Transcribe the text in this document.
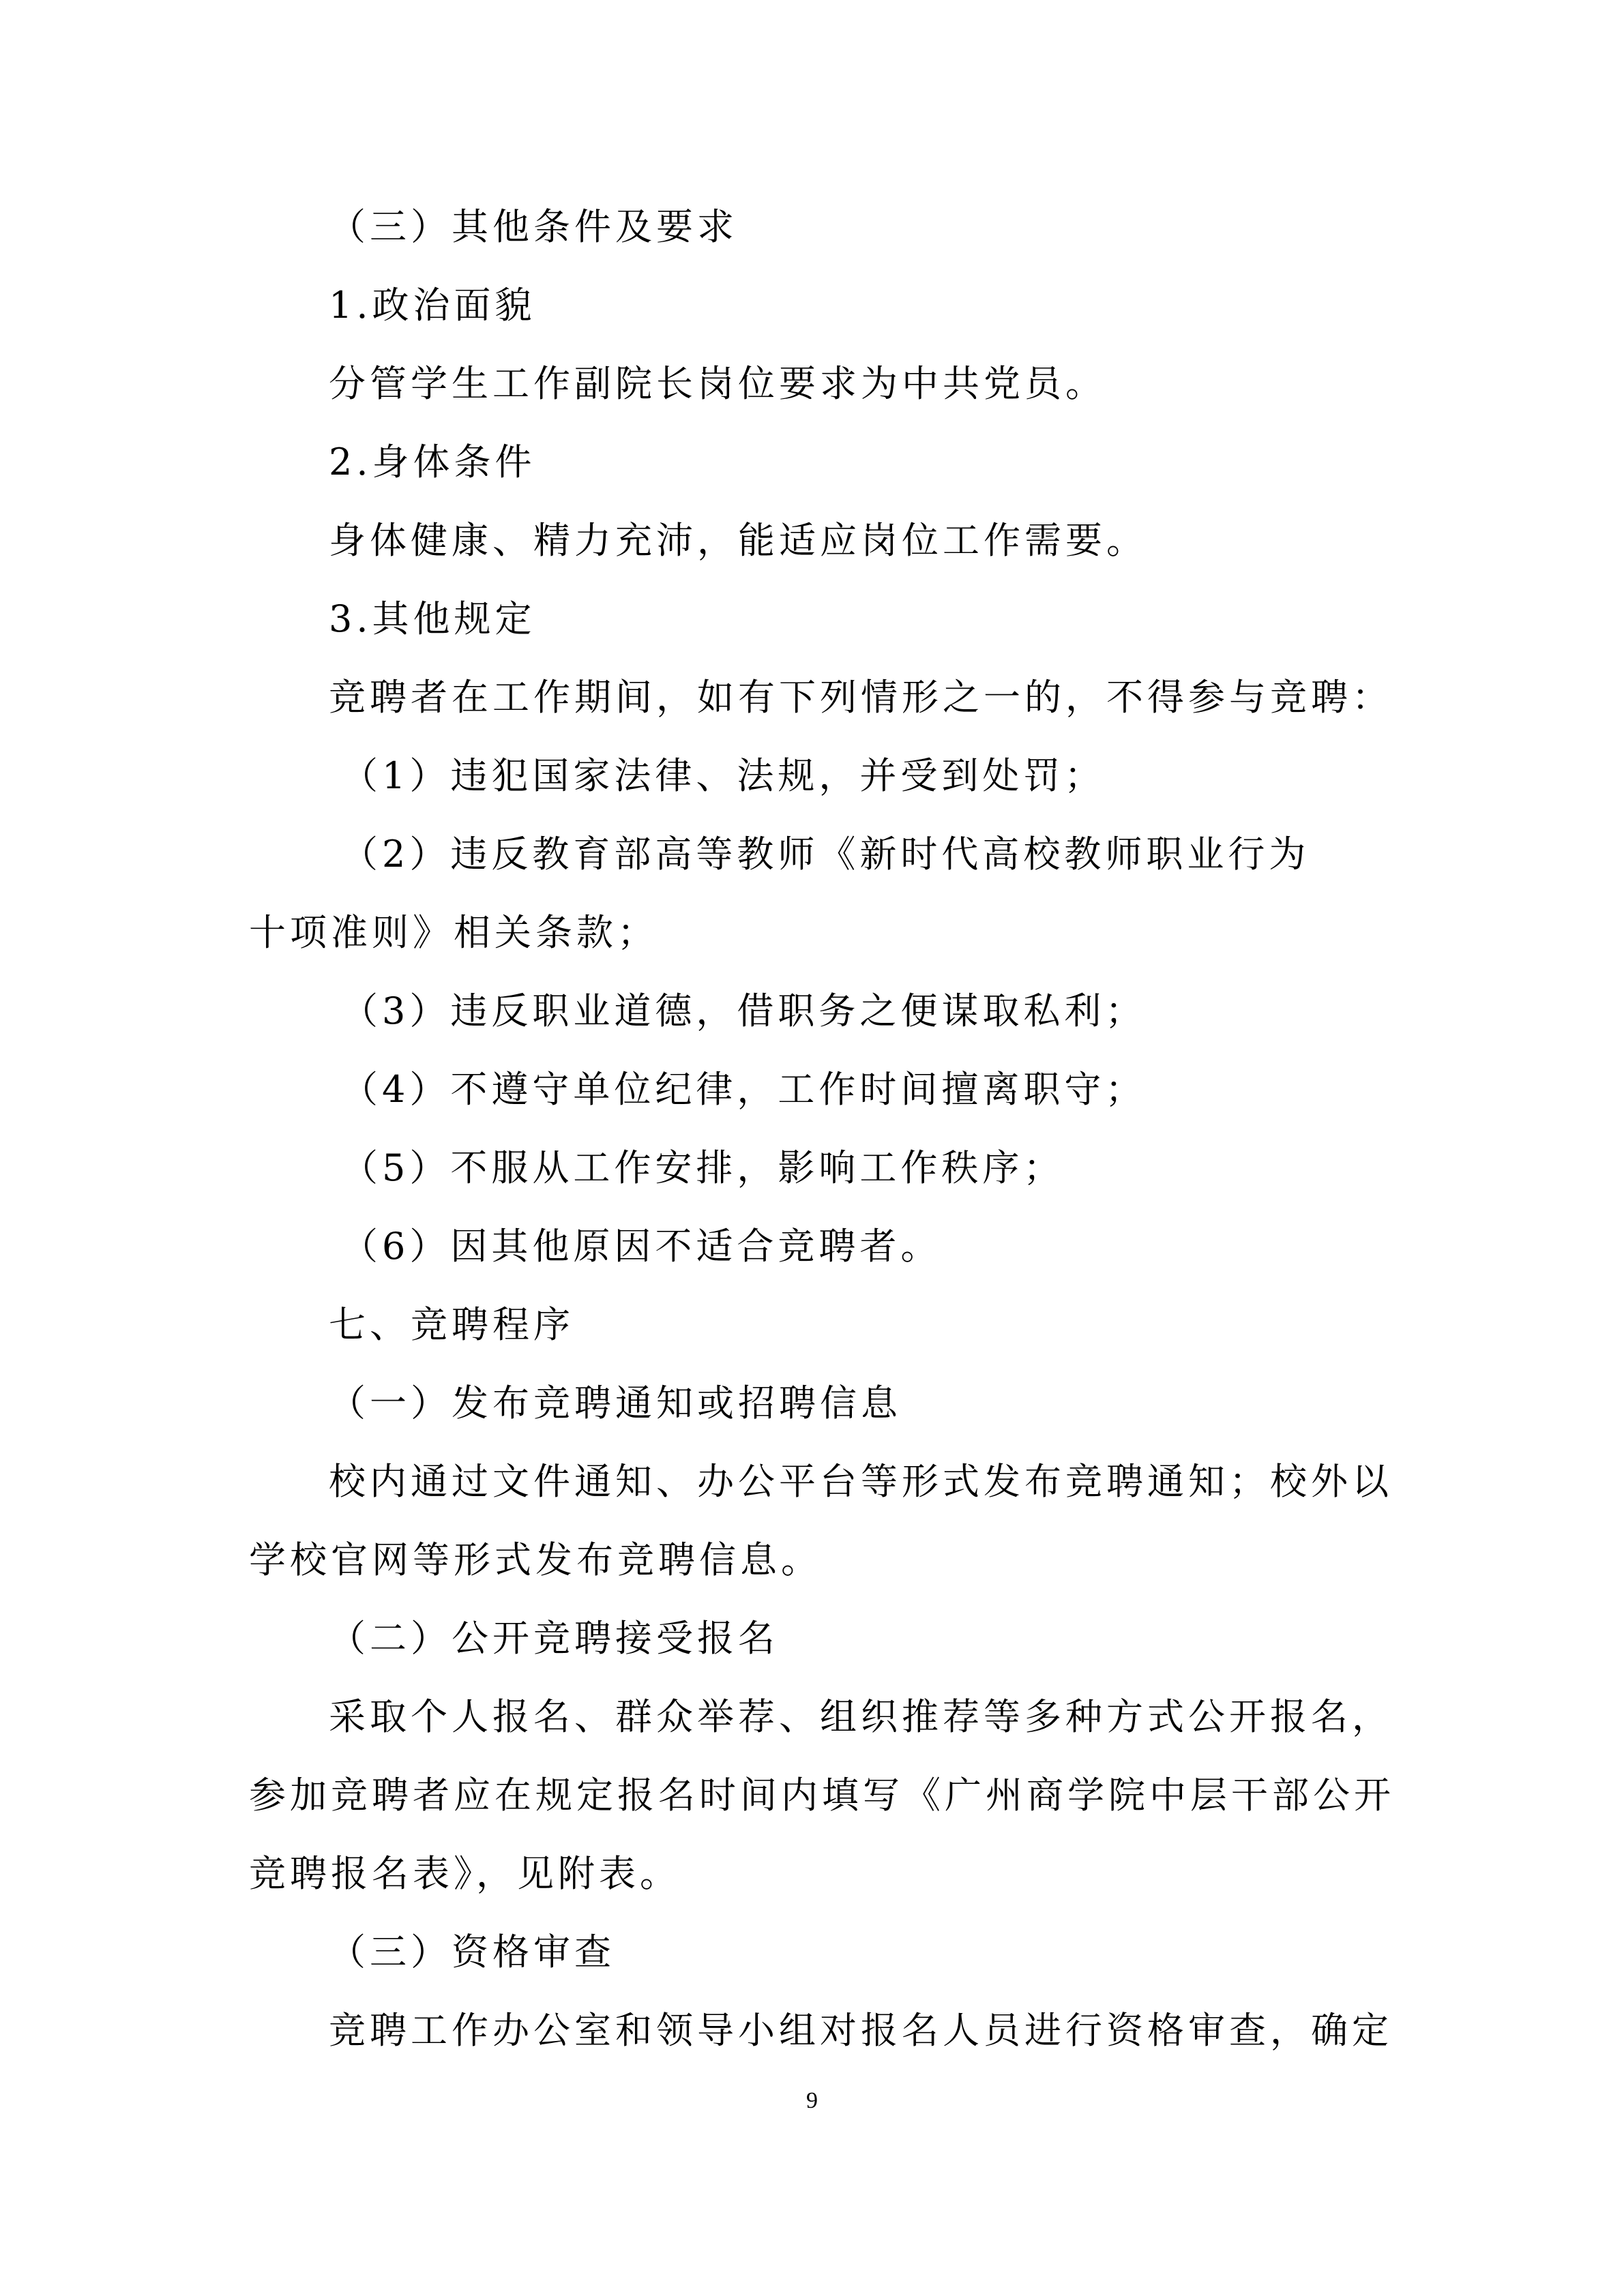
（三）其他条件及要求
1.政治面貌
分管学生工作副院长岗位要求为中共党员。
2.身体条件
身体健康、精力充沛，能适应岗位工作需要。
3.其他规定
竞聘者在工作期间，如有下列情形之一的，不得参与竞聘：
（1）违犯国家法律、法规，并受到处罚；
（2）违反教育部高等教师《新时代高校教师职业行为
十项准则》相关条款；
（3）违反职业道德，借职务之便谋取私利；
（4）不遵守单位纪律，工作时间擅离职守；
（5）不服从工作安排，影响工作秩序；
（6）因其他原因不适合竞聘者。
七、竞聘程序
（一）发布竞聘通知或招聘信息
校内通过文件通知、办公平台等形式发布竞聘通知；校外以
学校官网等形式发布竞聘信息。
（二）公开竞聘接受报名
采取个人报名、群众举荐、组织推荐等多种方式公开报名，
参加竞聘者应在规定报名时间内填写《广州商学院中层干部公开
竞聘报名表》，见附表。
（三）资格审查
竞聘工作办公室和领导小组对报名人员进行资格审查，确定
9
